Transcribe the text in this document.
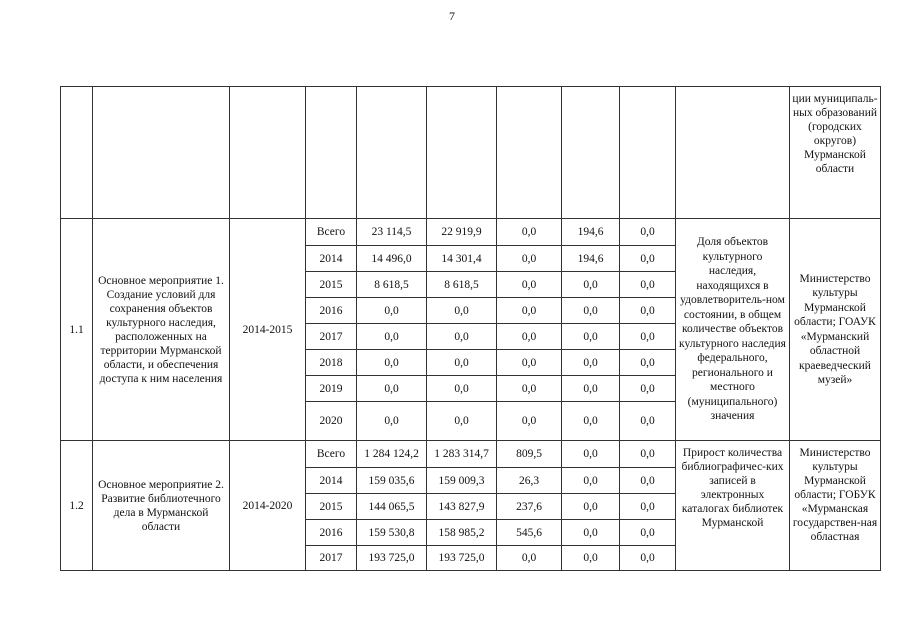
7
										ции муниципаль-ных образований (городских округов) Мурманской области
1.1	Основное мероприятие 1. Создание условий для сохранения объектов культурного наследия, расположенных на территории Мурманской области, и обеспечения доступа к ним населения	2014-2015	Всего	23 114,5	22 919,9	0,0	194,6	0,0	Доля объектов культурного наследия, находящихся в удовлетворитель-ном состоянии, в общем количестве объектов культурного наследия федерального, регионального и местного (муниципального) значения	Министерство культуры Мурманской области; ГОАУК «Мурманский областной краеведческий музей»
			2014	14 496,0	14 301,4	0,0	194,6	0,0		
			2015	8 618,5	8 618,5	0,0	0,0	0,0		
			2016	0,0	0,0	0,0	0,0	0,0		
			2017	0,0	0,0	0,0	0,0	0,0		
			2018	0,0	0,0	0,0	0,0	0,0		
			2019	0,0	0,0	0,0	0,0	0,0		
			2020	0,0	0,0	0,0	0,0	0,0		
1.2	Основное мероприятие 2. Развитие библиотечного дела в Мурманской области	2014-2020	Всего	1 284 124,2	1 283 314,7	809,5	0,0	0,0	Прирост количества библиографичес-ких записей в электронных каталогах библиотек Мурманской	Министерство культуры Мурманской области; ГОБУК «Мурманская государствен-ная областная
			2014	159 035,6	159 009,3	26,3	0,0	0,0		
			2015	144 065,5	143 827,9	237,6	0,0	0,0		
			2016	159 530,8	158 985,2	545,6	0,0	0,0		
			2017	193 725,0	193 725,0	0,0	0,0	0,0		
